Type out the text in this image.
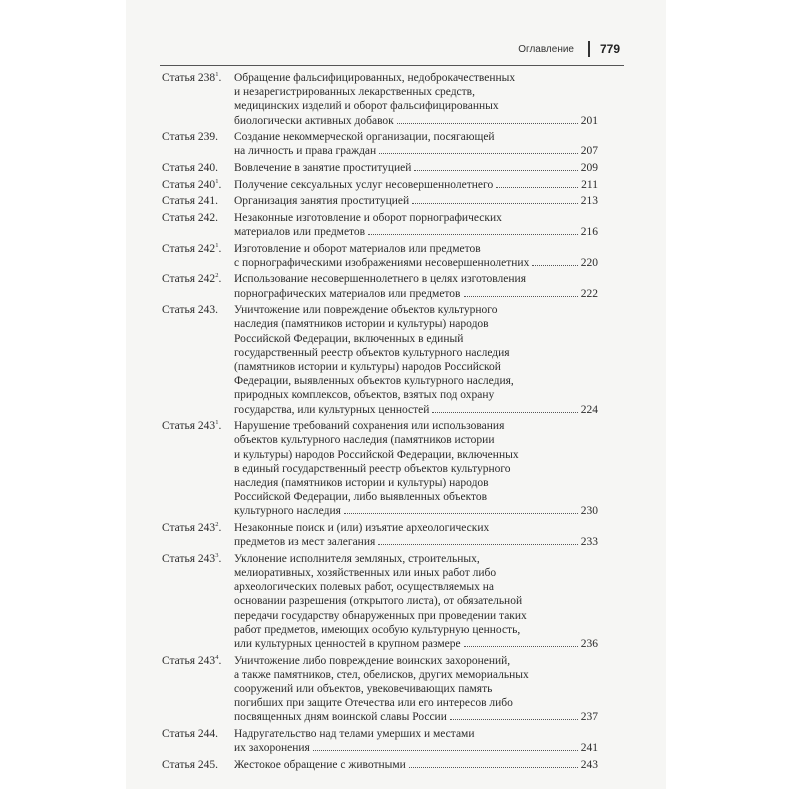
Оглавление 779
Статья $238^1$.	Обращение фальсифицированных, недоброкачественных
и незарегистрированных лекарственных средств,
медицинских изделий и оборот фальсифицированных
биологически активных добавок	201
Статья 239.	Создание некоммерческой организации, посягающей
на личность и права граждан	207
Статья 240.	Вовлечение в занятие проституцией	209
Статья $240^1$.	Получение сексуальных услуг несовершеннолетнего	211
Статья 241.	Организация занятия проституцией	213
Статья 242.	Незаконные изготовление и оборот порнографических
материалов или предметов	216
Статья $242^1$.	Изготовление и оборот материалов или предметов
с порнографическими изображениями несовершеннолетних	220
Статья $242^2$.	Использование несовершеннолетнего в целях изготовления
порнографических материалов или предметов	222
Статья 243.	Уничтожение или повреждение объектов культурного
наследия (памятников истории и культуры) народов
Российской Федерации, включенных в единый
государственный реестр объектов культурного наследия
(памятников истории и культуры) народов Российской
Федерации, выявленных объектов культурного наследия,
природных комплексов, объектов, взятых под охрану
государства, или культурных ценностей	224
Статья $243^1$.	Нарушение требований сохранения или использования
объектов культурного наследия (памятников истории
и культуры) народов Российской Федерации, включенных
в единый государственный реестр объектов культурного
наследия (памятников истории и культуры) народов
Российской Федерации, либо выявленных объектов
культурного наследия	230
Статья $243^2$.	Незаконные поиск и (или) изъятие археологических
предметов из мест залегания	233
Статья $243^3$.	Уклонение исполнителя земляных, строительных,
мелиоративных, хозяйственных или иных работ либо
археологических полевых работ, осуществляемых на
основании разрешения (открытого листа), от обязательной
передачи государству обнаруженных при проведении таких
работ предметов, имеющих особую культурную ценность,
или культурных ценностей в крупном размере	236
Статья $243^4$.	Уничтожение либо повреждение воинских захоронений,
а также памятников, стел, обелисков, других мемориальных
сооружений или объектов, увековечивающих память
погибших при защите Отечества или его интересов либо
посвященных дням воинской славы России	237
Статья 244.	Надругательство над телами умерших и местами
их захоронения	241
Статья 245.	Жестокое обращение с животными	243
